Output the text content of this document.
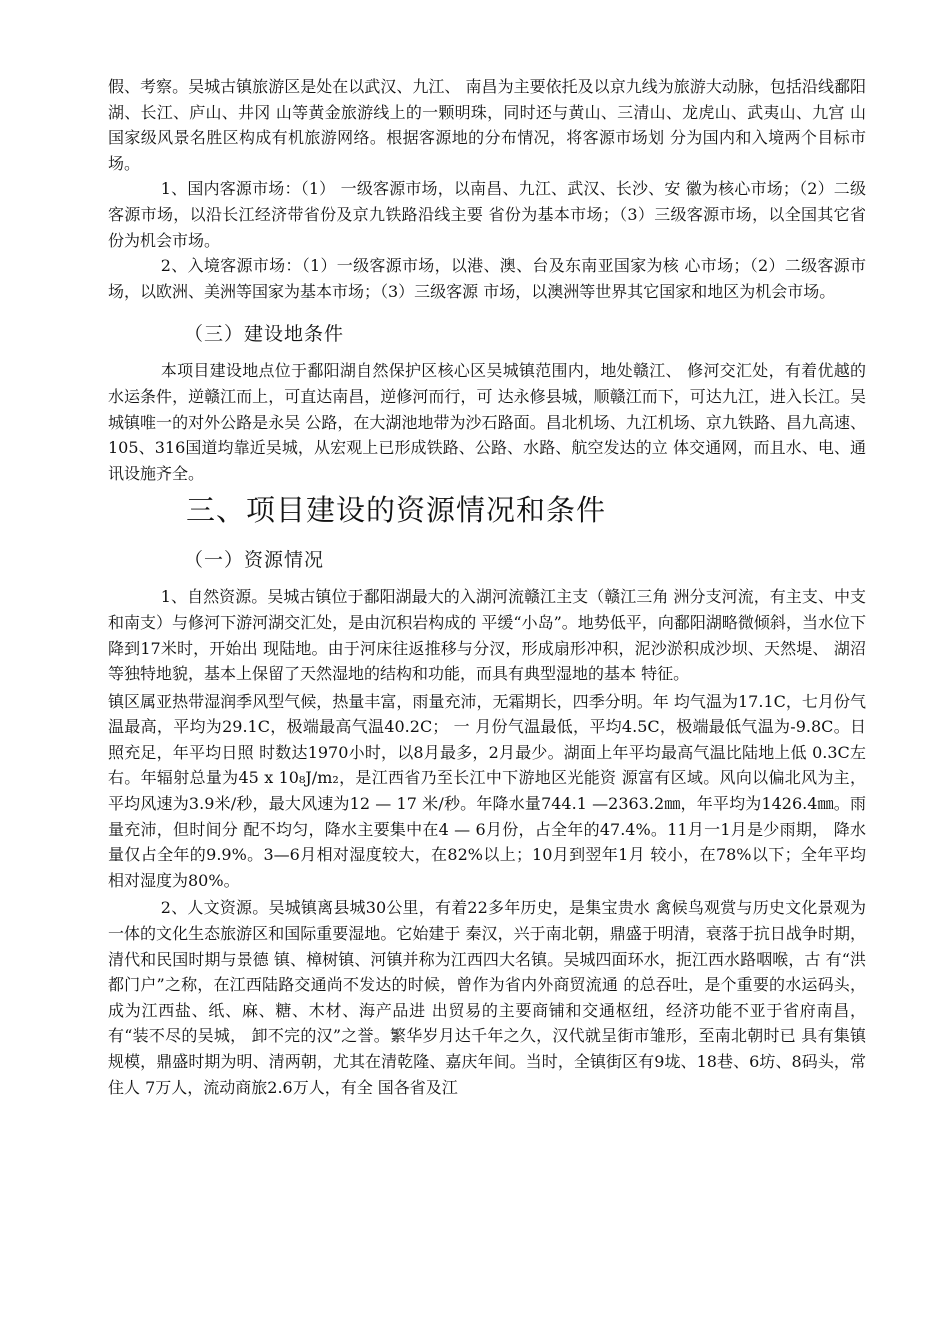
假、考察。吴城古镇旅游区是处在以武汉、九江、 南昌为主要依托及以京九线为旅游大动脉，包括沿线鄱阳湖、长江、庐山、井冈 山等黄金旅游线上的一颗明珠，同时还与黄山、三清山、龙虎山、武夷山、九宫 山国家级风景名胜区构成有机旅游网络。根据客源地的分布情况，将客源市场划 分为国内和入境两个目标市场。

1、国内客源市场：（1） 一级客源市场，以南昌、九江、武汉、长沙、安 徽为核心市场；（2）二级客源市场，以沿长江经济带省份及京九铁路沿线主要 省份为基本市场；（3）三级客源市场，以全国其它省份为机会市场。

2、入境客源市场：（1）一级客源市场，以港、澳、台及东南亚国家为核 心市场；（2）二级客源市场，以欧洲、美洲等国家为基本市场；（3）三级客源 市场，以澳洲等世界其它国家和地区为机会市场。

（三）建设地条件

本项目建设地点位于鄱阳湖自然保护区核心区吴城镇范围内，地处赣江、 修河交汇处，有着优越的水运条件，逆赣江而上，可直达南昌，逆修河而行，可 达永修县城，顺赣江而下，可达九江，进入长江。吴城镇唯一的对外公路是永吴 公路，在大湖池地带为沙石路面。昌北机场、九江机场、京九铁路、昌九高速、 105、316国道均靠近吴城，从宏观上已形成铁路、公路、水路、航空发达的立 体交通网，而且水、电、通讯设施齐全。

三、项目建设的资源情况和条件

（一）资源情况

1、自然资源。吴城古镇位于鄱阳湖最大的入湖河流赣江主支（赣江三角 洲分支河流，有主支、中支和南支）与修河下游河湖交汇处，是由沉积岩构成的 平缓“小岛”。地势低平，向鄱阳湖略微倾斜，当水位下降到17米时，开始出 现陆地。由于河床往返推移与分汊，形成扇形冲积，泥沙淤积成沙坝、天然堤、 湖沼等独特地貌，基本上保留了天然湿地的结构和功能，而具有典型湿地的基本 特征。

镇区属亚热带湿润季风型气候，热量丰富，雨量充沛，无霜期长，四季分明。年 均气温为17.1C，七月份气温最高，平均为29.1C，极端最高气温40.2C； 一 月份气温最低，平均4.5C，极端最低气温为-9.8C。日照充足，年平均日照 时数达1970小时，以8月最多，2月最少。湖面上年平均最高气温比陆地上低 0.3C左右。年辐射总量为45 x 10₈J/m₂，是江西省乃至长江中下游地区光能资 源富有区域。风向以偏北风为主，平均风速为3.9米/秒，最大风速为12 — 17 米/秒。年降水量744.1 —2363.2㎜，年平均为1426.4㎜。雨量充沛，但时间分 配不均匀，降水主要集中在4 — 6月份，占全年的47.4%。11月一1月是少雨期， 降水量仅占全年的9.9%。3—6月相对湿度较大，在82%以上；10月到翌年1月 较小，在78%以下；全年平均相对湿度为80%。

2、人文资源。吴城镇离县城30公里，有着22多年历史，是集宝贵水 禽候鸟观赏与历史文化景观为一体的文化生态旅游区和国际重要湿地。它始建于 秦汉，兴于南北朝，鼎盛于明清，衰落于抗日战争时期，清代和民国时期与景德 镇、樟树镇、河镇并称为江西四大名镇。吴城四面环水，扼江西水路咽喉，古 有“洪都门户”之称，在江西陆路交通尚不发达的时候，曾作为省内外商贸流通 的总吞吐，是个重要的水运码头，成为江西盐、纸、麻、糖、木材、海产品进 出贸易的主要商铺和交通枢纽，经济功能不亚于省府南昌，有“装不尽的吴城， 卸不完的汉”之誉。繁华岁月达千年之久，汉代就呈街市雏形，至南北朝时已 具有集镇规模，鼎盛时期为明、清两朝，尤其在清乾隆、嘉庆年间。当时，全镇街区有9垅、18巷、6坊、8码头，常住人 7万人，流动商旅2.6万人，有全 国各省及江
